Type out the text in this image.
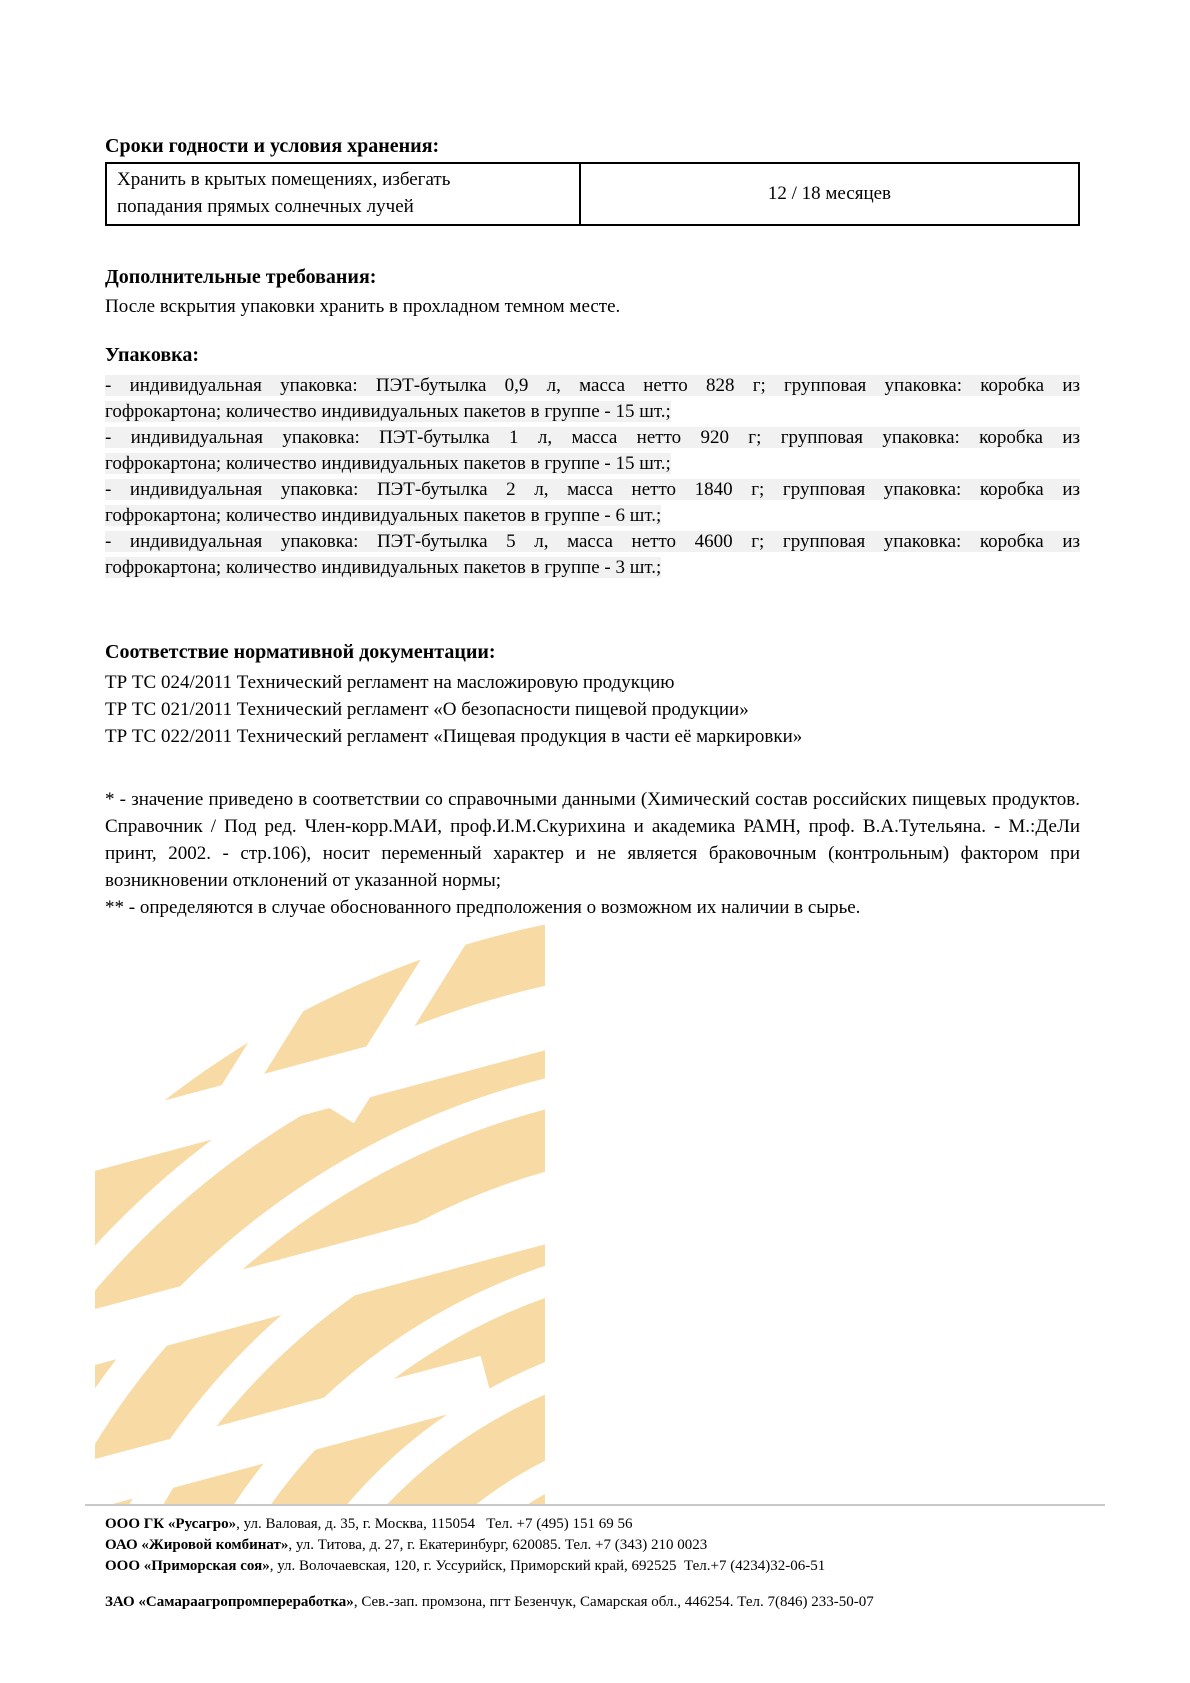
Сроки годности и условия хранения:
Хранить в крытых помещениях, избегать
попадания прямых солнечных лучей
	12 / 18 месяцев
Дополнительные требования:

После вскрытия упаковки хранить в прохладном темном месте.

Упаковка:

- индивидуальная упаковка: ПЭТ-бутылка 0,9 л, масса нетто 828 г; групповая упаковка: коробка из

гофрокартона; количество индивидуальных пакетов в группе - 15 шт.;

- индивидуальная упаковка: ПЭТ-бутылка 1 л, масса нетто 920 г; групповая упаковка: коробка из

гофрокартона; количество индивидуальных пакетов в группе - 15 шт.;

- индивидуальная упаковка: ПЭТ-бутылка 2 л, масса нетто 1840 г; групповая упаковка: коробка из

гофрокартона; количество индивидуальных пакетов в группе - 6 шт.;

- индивидуальная упаковка: ПЭТ-бутылка 5 л, масса нетто 4600 г; групповая упаковка: коробка из

гофрокартона; количество индивидуальных пакетов в группе - 3 шт.;

Соответствие нормативной документации:

ТР ТС 024/2011 Технический регламент на масложировую продукцию

ТР ТС 021/2011 Технический регламент «О безопасности пищевой продукции»

ТР ТС 022/2011 Технический регламент «Пищевая продукция в части её маркировки»

* - значение приведено в соответствии со справочными данными (Химический состав российских пищевых продуктов. Справочник / Под ред. Член-корр.МАИ, проф.И.М.Скурихина и академика РАМН, проф. В.А.Тутельяна. - М.:ДеЛи принт, 2002. - стр.106), носит переменный характер и не является браковочным (контрольным) фактором при возникновении отклонений от указанной нормы;

** - определяются в случае обоснованного предположения о возможном их наличии в сырье.

ООО ГК «Русагро», ул. Валовая, д. 35, г. Москва, 115054   Тел. +7 (495) 151 69 56

ОАО «Жировой комбинат», ул. Титова, д. 27, г. Екатеринбург, 620085. Тел. +7 (343) 210 0023

ООО «Приморская соя», ул. Волочаевская, 120, г. Уссурийск, Приморский край, 692525  Тел.+7 (4234)32-06-51

ЗАО «Самараагропромпереработка», Сев.-зап. промзона, пгт Безенчук, Самарская обл., 446254. Тел. 7(846) 233-50-07
